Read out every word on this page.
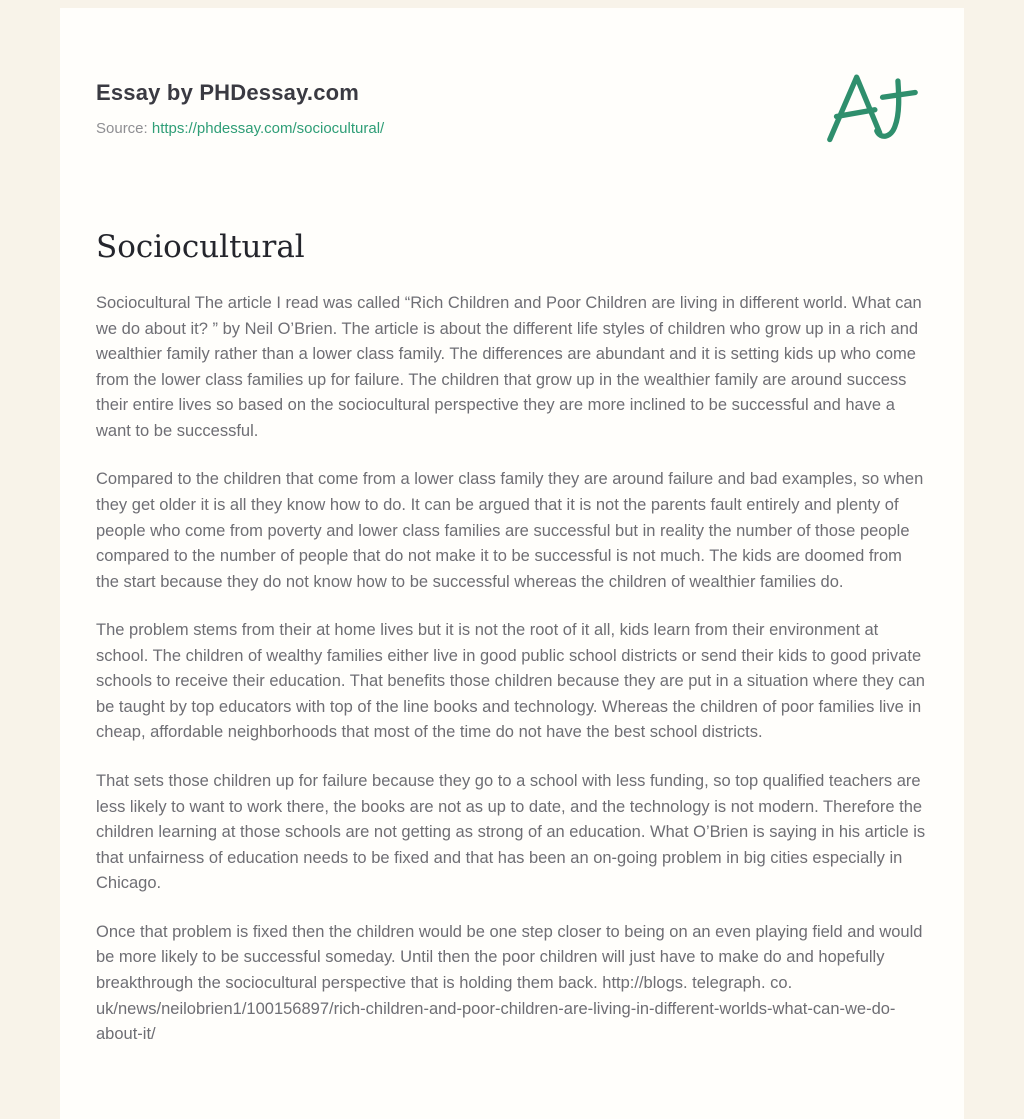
Essay by PHDessay.com

Source: https://phdessay.com/sociocultural/

Sociocultural

Sociocultural The article I read was called “Rich Children and Poor Children are living in different world. What can we do about it? ” by Neil O’Brien. The article is about the different life styles of children who grow up in a rich and wealthier family rather than a lower class family. The differences are abundant and it is setting kids up who come from the lower class families up for failure. The children that grow up in the wealthier family are around success their entire lives so based on the sociocultural perspective they are more inclined to be successful and have a want to be successful.

Compared to the children that come from a lower class family they are around failure and bad examples, so when they get older it is all they know how to do. It can be argued that it is not the parents fault entirely and plenty of people who come from poverty and lower class families are successful but in reality the number of those people compared to the number of people that do not make it to be successful is not much. The kids are doomed from the start because they do not know how to be successful whereas the children of wealthier families do.

The problem stems from their at home lives but it is not the root of it all, kids learn from their environment at school. The children of wealthy families either live in good public school districts or send their kids to good private schools to receive their education. That benefits those children because they are put in a situation where they can be taught by top educators with top of the line books and technology. Whereas the children of poor families live in cheap, affordable neighborhoods that most of the time do not have the best school districts.

That sets those children up for failure because they go to a school with less funding, so top qualified teachers are less likely to want to work there, the books are not as up to date, and the technology is not modern. Therefore the children learning at those schools are not getting as strong of an education. What O’Brien is saying in his article is that unfairness of education needs to be fixed and that has been an on-going problem in big cities especially in Chicago.

Once that problem is fixed then the children would be one step closer to being on an even playing field and would be more likely to be successful someday. Until then the poor children will just have to make do and hopefully breakthrough the sociocultural perspective that is holding them back. http://blogs. telegraph. co. uk/news/neilobrien1/100156897/rich-children-and-poor-children-are-living-in-different-worlds-what-can-we-do-about-it/
